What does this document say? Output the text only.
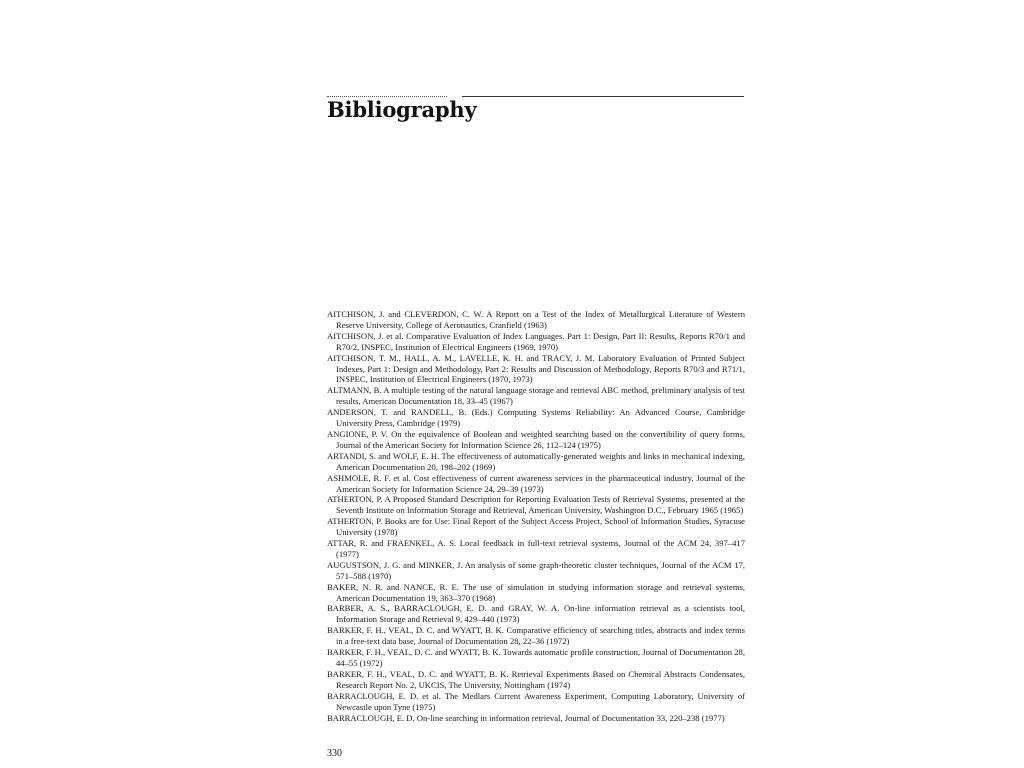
Bibliography
AITCHISON, J. and CLEVERDON, C. W. A Report on a Test of the Index of Metallurgical Literature of Western Reserve University, College of Aeronautics, Cranfield (1963)
AITCHISON, J. et al. Comparative Evaluation of Index Languages. Part 1: Design, Part II: Results, Reports R70/1 and R70/2, INSPEC, Institution of Electrical Engineers (1969, 1970)
AITCHISON, T. M., HALL, A. M., LAVELLE, K. H. and TRACY, J. M. Laboratory Evaluation of Printed Subject Indexes, Part 1: Design and Methodology, Part 2: Results and Discussion of Methodology, Reports R70/3 and R71/1, INSPEC, Institution of Electrical Engineers (1970, 1973)
ALTMANN, B. A multiple testing of the natural language storage and retrieval ABC method, preliminary analysis of test results, American Documentation 18, 33–45 (1967)
ANDERSON, T. and RANDELL, B. (Eds.) Computing Systems Reliability: An Advanced Course, Cambridge University Press, Cambridge (1979)
ANGIONE, P. V. On the equivalence of Boolean and weighted searching based on the convertibility of query forms, Journal of the American Society for Information Science 26, 112–124 (1975)
ARTANDI, S. and WOLF, E. H. The effectiveness of automatically-generated weights and links in mechanical indexing, American Documentation 20, 198–202 (1969)
ASHMOLE, R. F. et al. Cost effectiveness of current awareness services in the pharmaceutical industry, Journal of the American Society for Information Science 24, 29–39 (1973)
ATHERTON, P. A Proposed Standard Description for Reporting Evaluation Tests of Retrieval Systems, presented at the Seventh Institute on Information Storage and Retrieval, American University, Washington D.C., February 1965 (1965)
ATHERTON, P. Books are for Use: Final Report of the Subject Access Project, School of Information Studies, Syracuse University (1978)
ATTAR, R. and FRAENKEL, A. S. Local feedback in full-text retrieval systems, Journal of the ACM 24, 397–417 (1977)
AUGUSTSON, J. G. and MINKER, J. An analysis of some graph-theoretic cluster techniques, Journal of the ACM 17, 571–588 (1970)
BAKER, N. R. and NANCE, R. E. The use of simulation in studying information storage and retrieval systems, American Documentation 19, 363–370 (1968)
BARBER, A. S., BARRACLOUGH, E. D. and GRAY, W. A. On-line information retrieval as a scientists tool, Information Storage and Retrieval 9, 429–440 (1973)
BARKER, F. H., VEAL, D. C. and WYATT, B. K. Comparative efficiency of searching titles, abstracts and index terms in a free-text data base, Journal of Documentation 28, 22–36 (1972)
BARKER, F. H., VEAL, D. C. and WYATT, B. K. Towards automatic profile construction, Journal of Documentation 28, 44–55 (1972)
BARKER, F. H., VEAL, D. C. and WYATT, B. K. Retrieval Experiments Based on Chemical Abstracts Condensates, Research Report No. 2, UKCIS, The University, Nottingham (1974)
BARRACLOUGH, E. D. et al. The Medlars Current Awareness Experiment, Computing Laboratory, University of Newcastle upon Tyne (1975)
BARRACLOUGH, E. D. On-line searching in information retrieval, Journal of Documentation 33, 220–238 (1977)
330
